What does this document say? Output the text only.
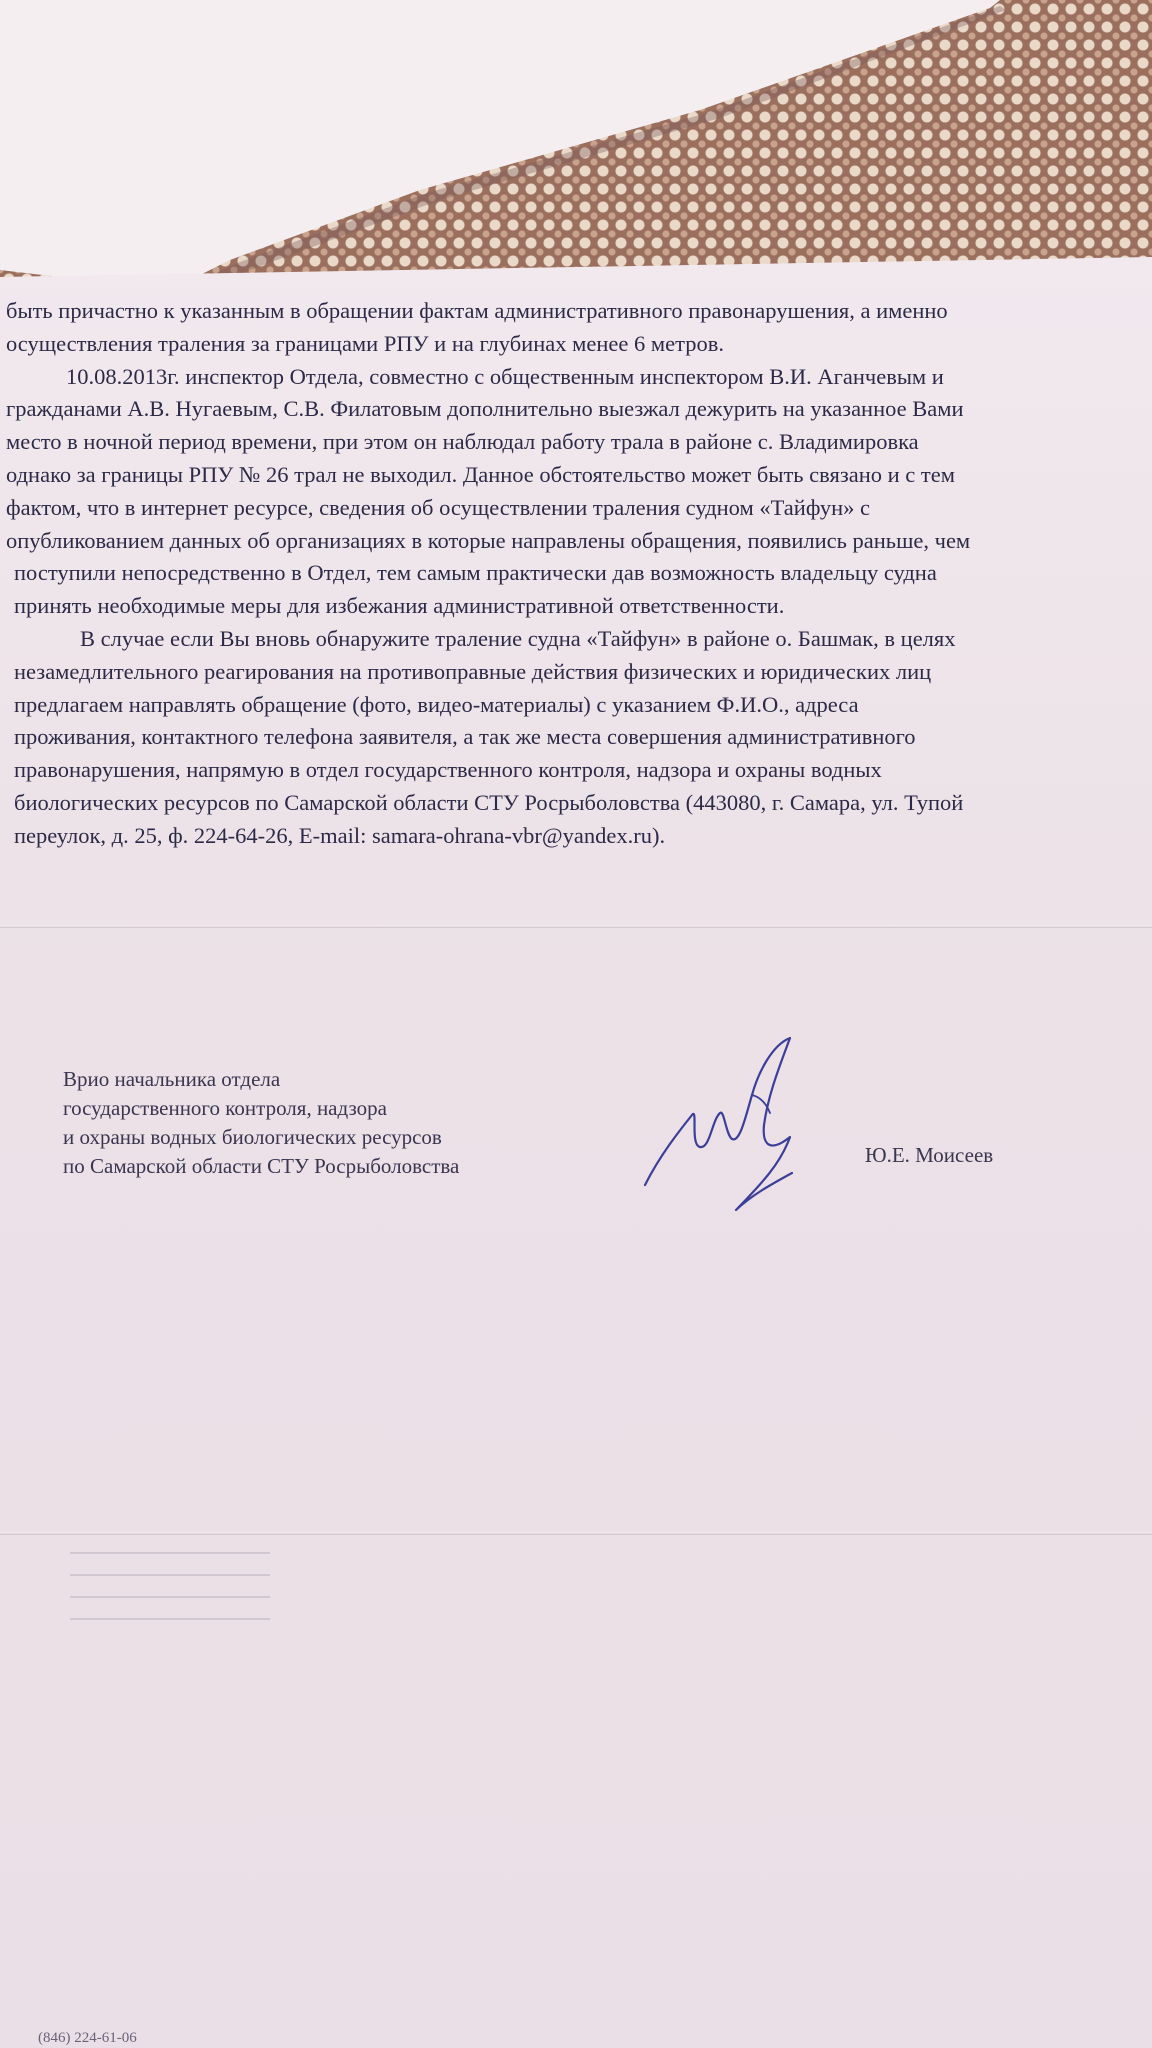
быть причастно к указанным в обращении фактам административного правонарушения, а именно
осуществления траления за границами РПУ и на глубинах менее 6 метров.
10.08.2013г. инспектор Отдела, совместно с общественным инспектором В.И. Аганчевым и
гражданами А.В. Нугаевым, С.В. Филатовым дополнительно выезжал дежурить на указанное Вами
место в ночной период времени, при этом он наблюдал работу трала в районе с. Владимировка
однако за границы РПУ № 26 трал не выходил. Данное обстоятельство может быть связано и с тем
фактом, что в интернет ресурсе, сведения об осуществлении траления судном «Тайфун» с
опубликованием данных об организациях в которые направлены обращения, появились раньше, чем
поступили непосредственно в Отдел, тем самым практически дав возможность владельцу судна
принять необходимые меры для избежания административной ответственности.
В случае если Вы вновь обнаружите траление судна «Тайфун» в районе о. Башмак, в целях
незамедлительного реагирования на противоправные действия физических и юридических лиц
предлагаем направлять обращение (фото, видео-материалы) с указанием Ф.И.О., адреса
проживания, контактного телефона заявителя, а так же места совершения административного
правонарушения, напрямую в отдел государственного контроля, надзора и охраны водных
биологических ресурсов по Самарской области СТУ Росрыболовства (443080, г. Самара, ул. Тупой
переулок, д. 25, ф. 224-64-26, E-mail: samara-ohrana-vbr@yandex.ru).
Врио начальника отдела
государственного контроля, надзора
и охраны водных биологических ресурсов
по Самарской области СТУ Росрыболовства	Ю.Е. Моисеев
(846) 224-61-06
